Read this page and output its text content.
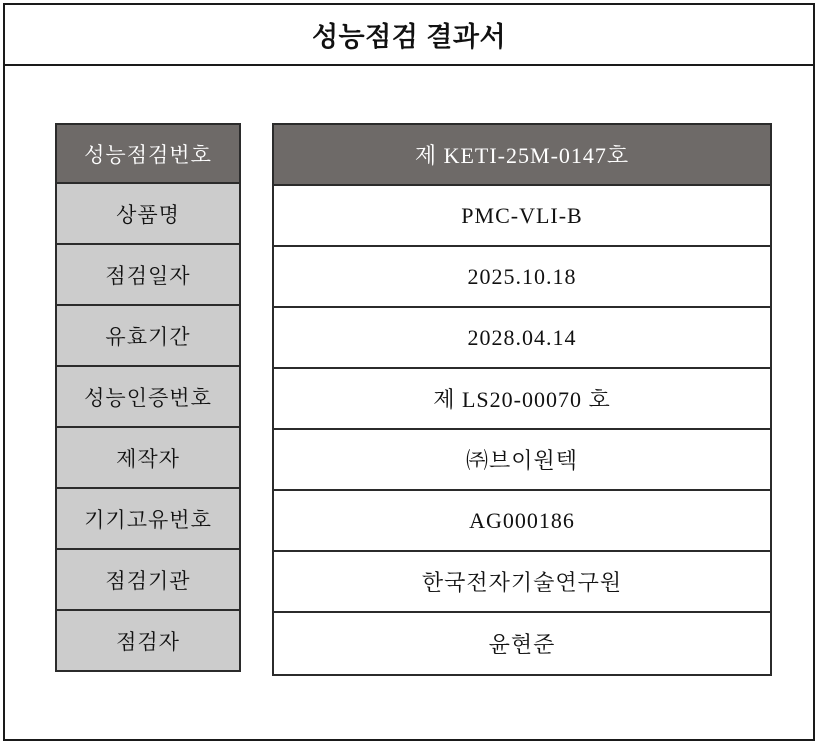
성능점검 결과서
성능점검번호
상품명
점검일자
유효기간
성능인증번호
제작자
기기고유번호
점검기관
점검자
제 KETI-25M-0147호
PMC-VLI-B
2025.10.18
2028.04.14
제 LS20-00070 호
㈜브이원텍
AG000186
한국전자기술연구원
윤현준
